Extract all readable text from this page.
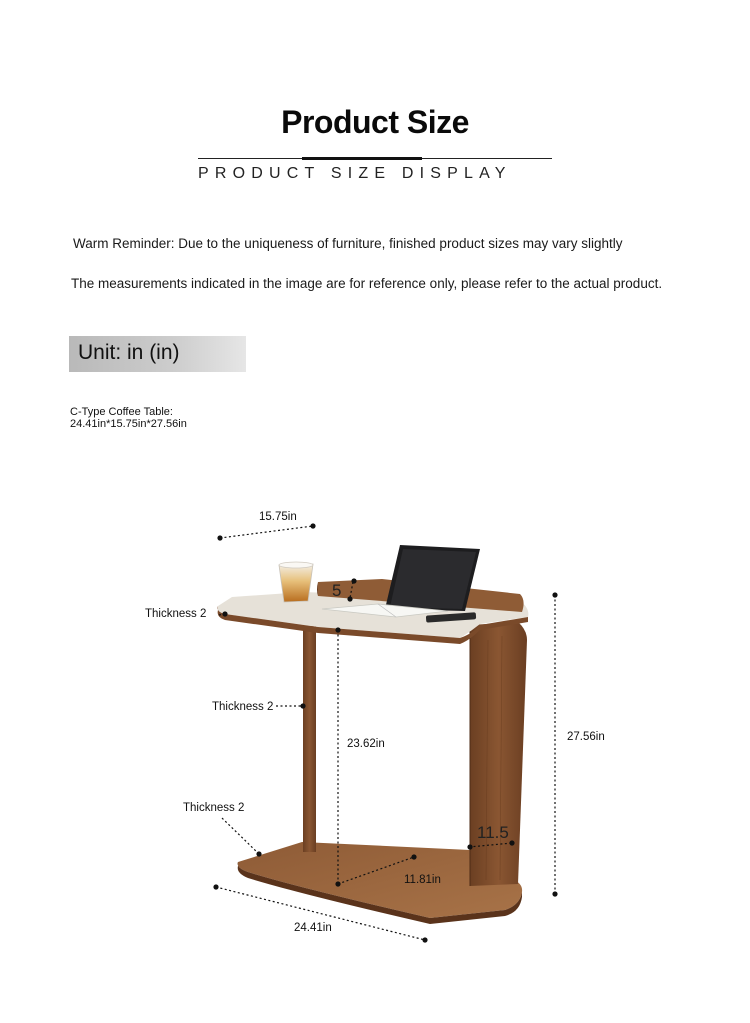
Product Size
PRODUCT SIZE DISPLAY
Warm Reminder: Due to the uniqueness of furniture, finished product sizes may vary slightly
The measurements indicated in the image are for reference only, please refer to the actual product.
Unit: in (in)
C-Type Coffee Table:
24.41in*15.75in*27.56in
15.75in
5
Thickness 2
Thickness 2
Thickness 2
23.62in
27.56in
11.5
11.81in
24.41in
